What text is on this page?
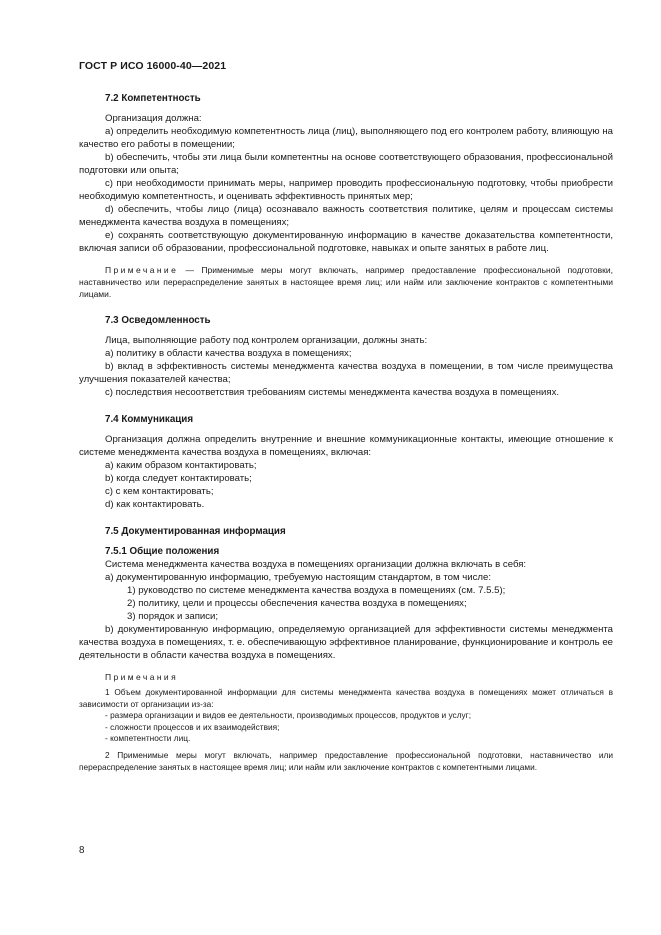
ГОСТ Р ИСО 16000-40—2021

7.2 Компетентность

Организация должна:

a) определить необходимую компетентность лица (лиц), выполняющего под его контролем работу, влияющую на качество его работы в помещении;

b) обеспечить, чтобы эти лица были компетентны на основе соответствующего образования, профессиональной подготовки или опыта;

c) при необходимости принимать меры, например проводить профессиональную подготовку, чтобы приобрести необходимую компетентность, и оценивать эффективность принятых мер;

d) обеспечить, чтобы лицо (лица) осознавало важность соответствия политике, целям и процессам системы менеджмента качества воздуха в помещениях;

e) сохранять соответствующую документированную информацию в качестве доказательства компетентности, включая записи об образовании, профессиональной подготовке, навыках и опыте занятых в работе лиц.

Примечание — Применимые меры могут включать, например предоставление профессиональной подготовки, наставничество или перераспределение занятых в настоящее время лиц; или найм или заключение контрактов с компетентными лицами.

7.3 Осведомленность

Лица, выполняющие работу под контролем организации, должны знать:

a) политику в области качества воздуха в помещениях;

b) вклад в эффективность системы менеджмента качества воздуха в помещении, в том числе преимущества улучшения показателей качества;

c) последствия несоответствия требованиям системы менеджмента качества воздуха в помещениях.

7.4 Коммуникация

Организация должна определить внутренние и внешние коммуникационные контакты, имеющие отношение к системе менеджмента качества воздуха в помещениях, включая:

a) каким образом контактировать;

b) когда следует контактировать;

c) с кем контактировать;

d) как контактировать.

7.5 Документированная информация

7.5.1 Общие положения

Система менеджмента качества воздуха в помещениях организации должна включать в себя:

a) документированную информацию, требуемую настоящим стандартом, в том числе:

1) руководство по системе менеджмента качества воздуха в помещениях (см. 7.5.5);

2) политику, цели и процессы обеспечения качества воздуха в помещениях;

3) порядок и записи;

b) документированную информацию, определяемую организацией для эффективности системы менеджмента качества воздуха в помещениях, т. е. обеспечивающую эффективное планирование, функционирование и контроль ее деятельности в области качества воздуха в помещениях.

Примечания

1 Объем документированной информации для системы менеджмента качества воздуха в помещениях может отличаться в зависимости от организации из-за:

- размера организации и видов ее деятельности, производимых процессов, продуктов и услуг;

- сложности процессов и их взаимодействия;

- компетентности лиц.

2 Применимые меры могут включать, например предоставление профессиональной подготовки, наставничество или перераспределение занятых в настоящее время лиц; или найм или заключение контрактов с компетентными лицами.

8
